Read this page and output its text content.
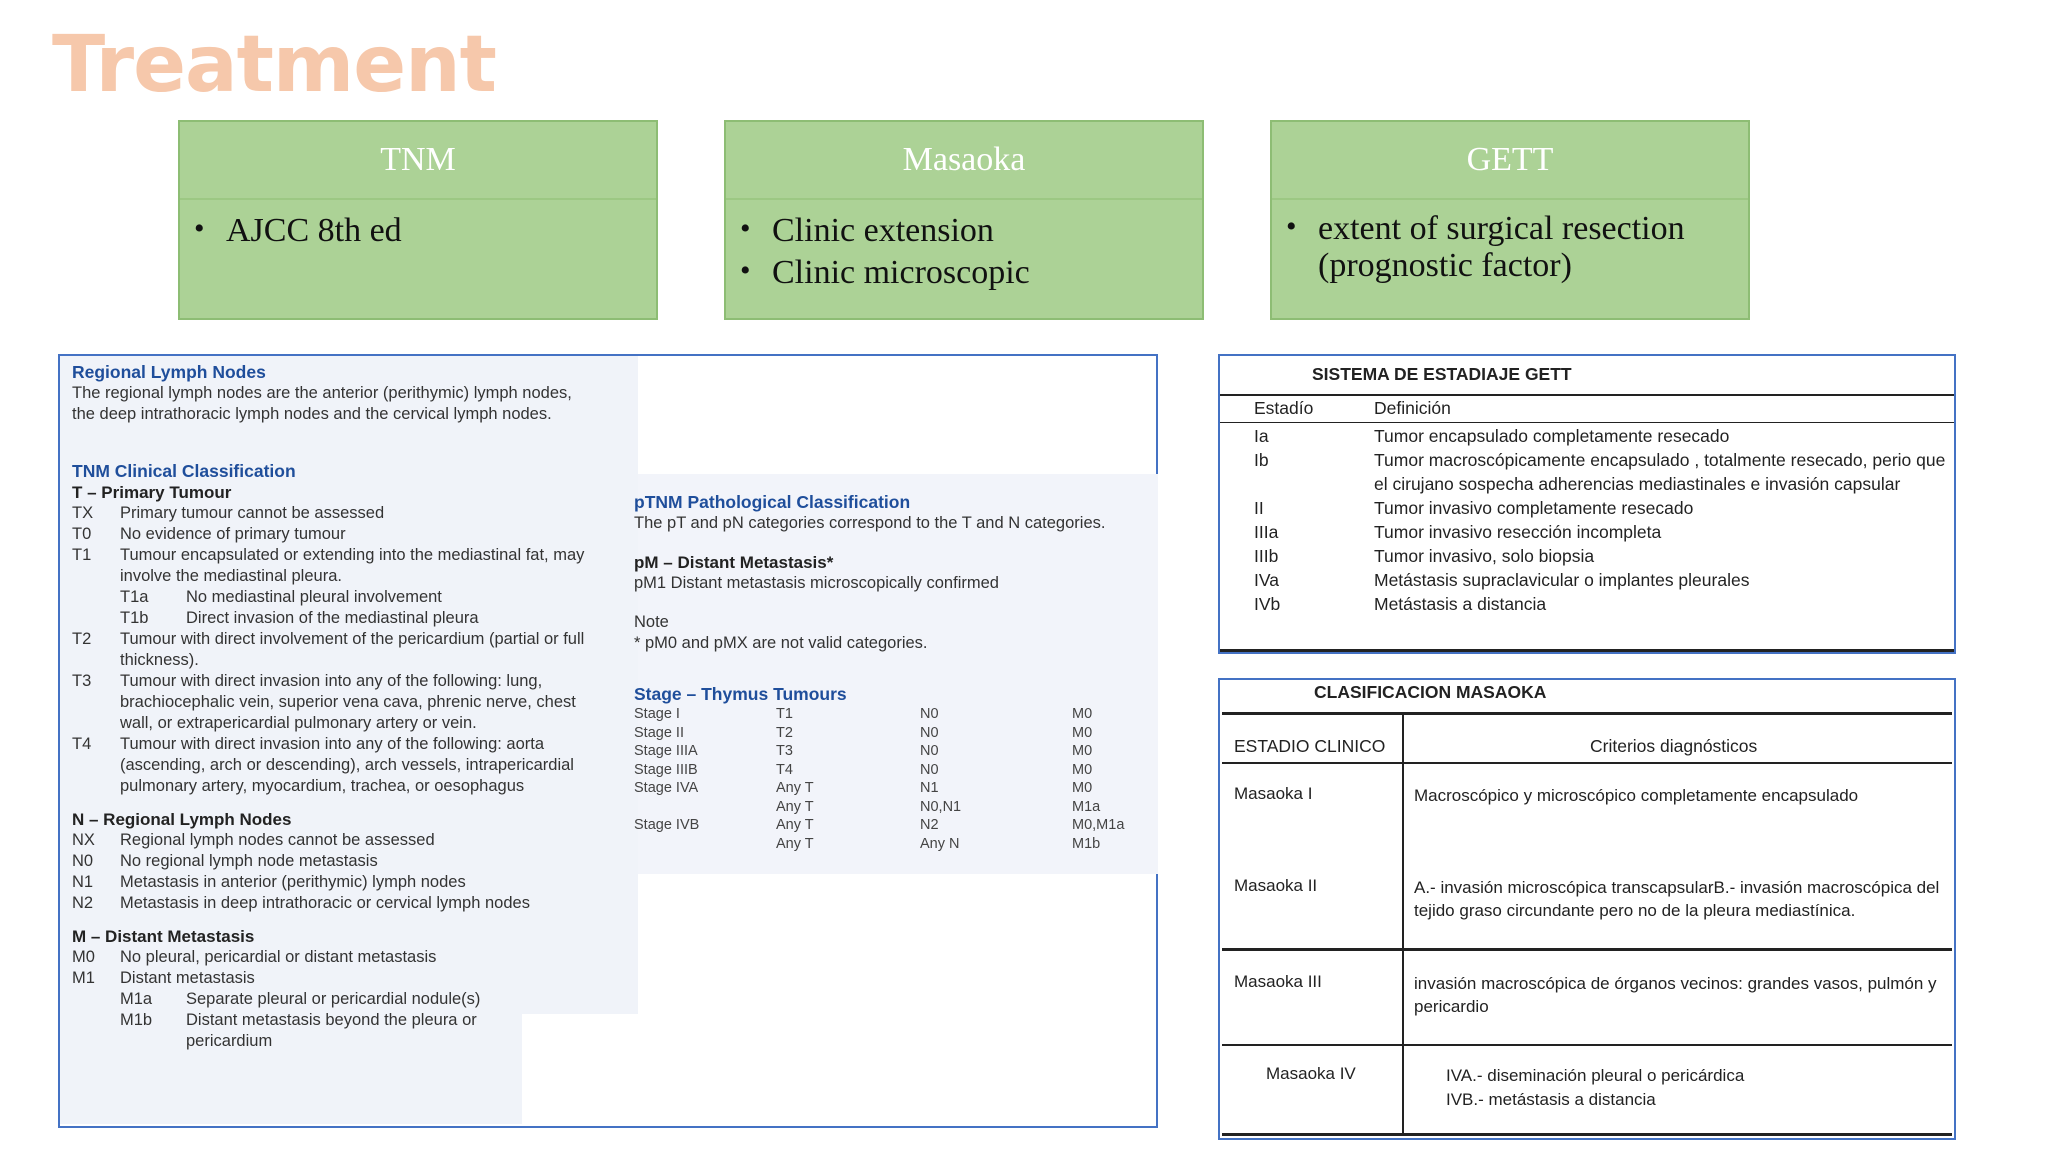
Treatment
TNM
• AJCC 8th ed
Masaoka
• Clinic extension
• Clinic microscopic
GETT
• extent of surgical resection (prognostic factor)
Regional Lymph Nodes
The regional lymph nodes are the anterior (perithymic) lymph nodes, the deep intrathoracic lymph nodes and the cervical lymph nodes.
TNM Clinical Classification
T – Primary Tumour
TX	Primary tumour cannot be assessed
T0	No evidence of primary tumour
T1	Tumour encapsulated or extending into the mediastinal fat, may involve the mediastinal pleura.
T1a	No mediastinal pleural involvement
T1b	Direct invasion of the mediastinal pleura
T2	Tumour with direct involvement of the pericardium (partial or full thickness).
T3	Tumour with direct invasion into any of the following: lung, brachiocephalic vein, superior vena cava, phrenic nerve, chest wall, or extrapericardial pulmonary artery or vein.
T4	Tumour with direct invasion into any of the following: aorta (ascending, arch or descending), arch vessels, intrapericardial pulmonary artery, myocardium, trachea, or oesophagus
N – Regional Lymph Nodes
NX	Regional lymph nodes cannot be assessed
N0	No regional lymph node metastasis
N1	Metastasis in anterior (perithymic) lymph nodes
N2	Metastasis in deep intrathoracic or cervical lymph nodes
M – Distant Metastasis
M0	No pleural, pericardial or distant metastasis
M1	Distant metastasis
M1a	Separate pleural or pericardial nodule(s)
M1b	Distant metastasis beyond the pleura or pericardium
pTNM Pathological Classification
The pT and pN categories correspond to the T and N categories.
pM – Distant Metastasis*
pM1 Distant metastasis microscopically confirmed
Note
* pM0 and pMX are not valid categories.
Stage – Thymus Tumours
Stage I	T1	N0	M0
Stage II	T2	N0	M0
Stage IIIA	T3	N0	M0
Stage IIIB	T4	N0	M0
Stage IVA	Any T	N1	M0
	Any T	N0,N1	M1a
Stage IVB	Any T	N2	M0,M1a
	Any T	Any N	M1b
SISTEMA DE ESTADIAJE GETT
Estadío	Definición
Ia	Tumor encapsulado completamente resecado
Ib	Tumor macroscópicamente encapsulado , totalmente resecado, perio que el cirujano sospecha adherencias mediastinales e invasión capsular
II	Tumor invasivo completamente resecado
IIIa	Tumor invasivo resección incompleta
IIIb	Tumor invasivo, solo biopsia
IVa	Metástasis supraclavicular o implantes pleurales
IVb	Metástasis a distancia
CLASIFICACION MASAOKA
ESTADIO CLINICO	Criterios diagnósticos
Masaoka I	Macroscópico y microscópico completamente encapsulado
Masaoka II	A.- invasión microscópica transcapsularB.- invasión macroscópica del tejido graso circundante pero no de la pleura mediastínica.
Masaoka III	invasión macroscópica de órganos vecinos: grandes vasos, pulmón y pericardio
Masaoka IV	IVA.- diseminación pleural o pericárdica
IVB.- metástasis a distancia
